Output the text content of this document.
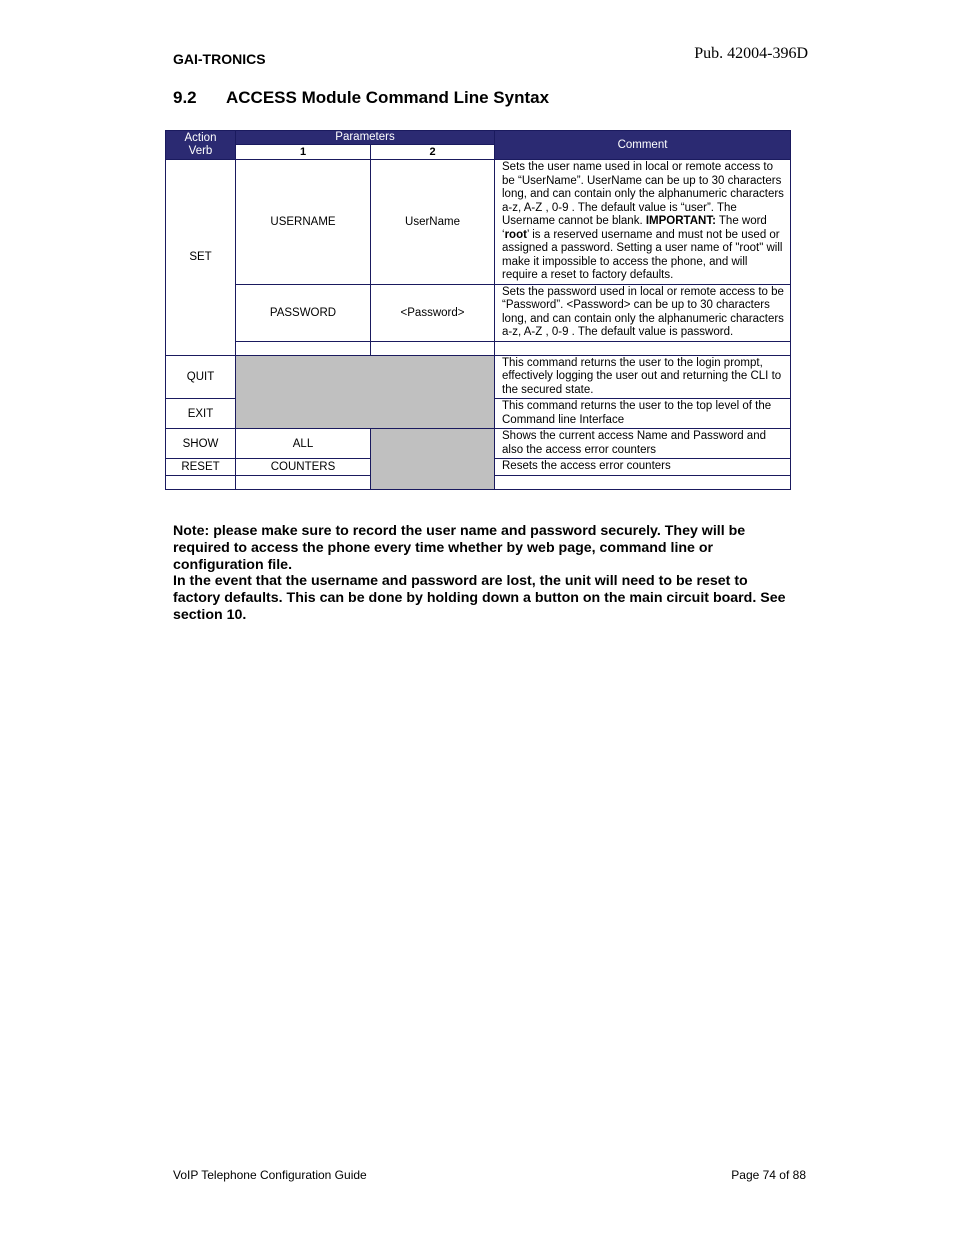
GAI-TRONICS	Pub. 42004-396D
9.2 ACCESS Module Command Line Syntax
Action Verb	Parameters		Comment
	1	2	
SET	USERNAME	UserName	Sets the user name used in local or remote access to be “UserName”. UserName can be up to 30 characters long, and can contain only the alphanumeric characters a-z, A-Z , 0-9 . The default value is “user”. The Username cannot be blank. IMPORTANT: The word ‘root’ is a reserved username and must not be used or assigned a password. Setting a user name of "root" will make it impossible to access the phone, and will require a reset to factory defaults.
	PASSWORD	<Password>	Sets the password used in local or remote access to be “Password”. <Password> can be up to 30 characters long, and can contain only the alphanumeric characters a-z, A-Z , 0-9 . The default value is password.

QUIT			This command returns the user to the login prompt, effectively logging the user out and returning the CLI to the secured state.
EXIT			This command returns the user to the top level of the Command line Interface
SHOW	ALL		Shows the current access Name and Password and also the access error counters
RESET	COUNTERS		Resets the access error counters

Note: please make sure to record the user name and password securely. They will be required to access the phone every time whether by web page, command line or configuration file.

In the event that the username and password are lost, the unit will need to be reset to factory defaults. This can be done by holding down a button on the main circuit board. See section 10.

VoIP Telephone Configuration Guide	Page 74 of 88
